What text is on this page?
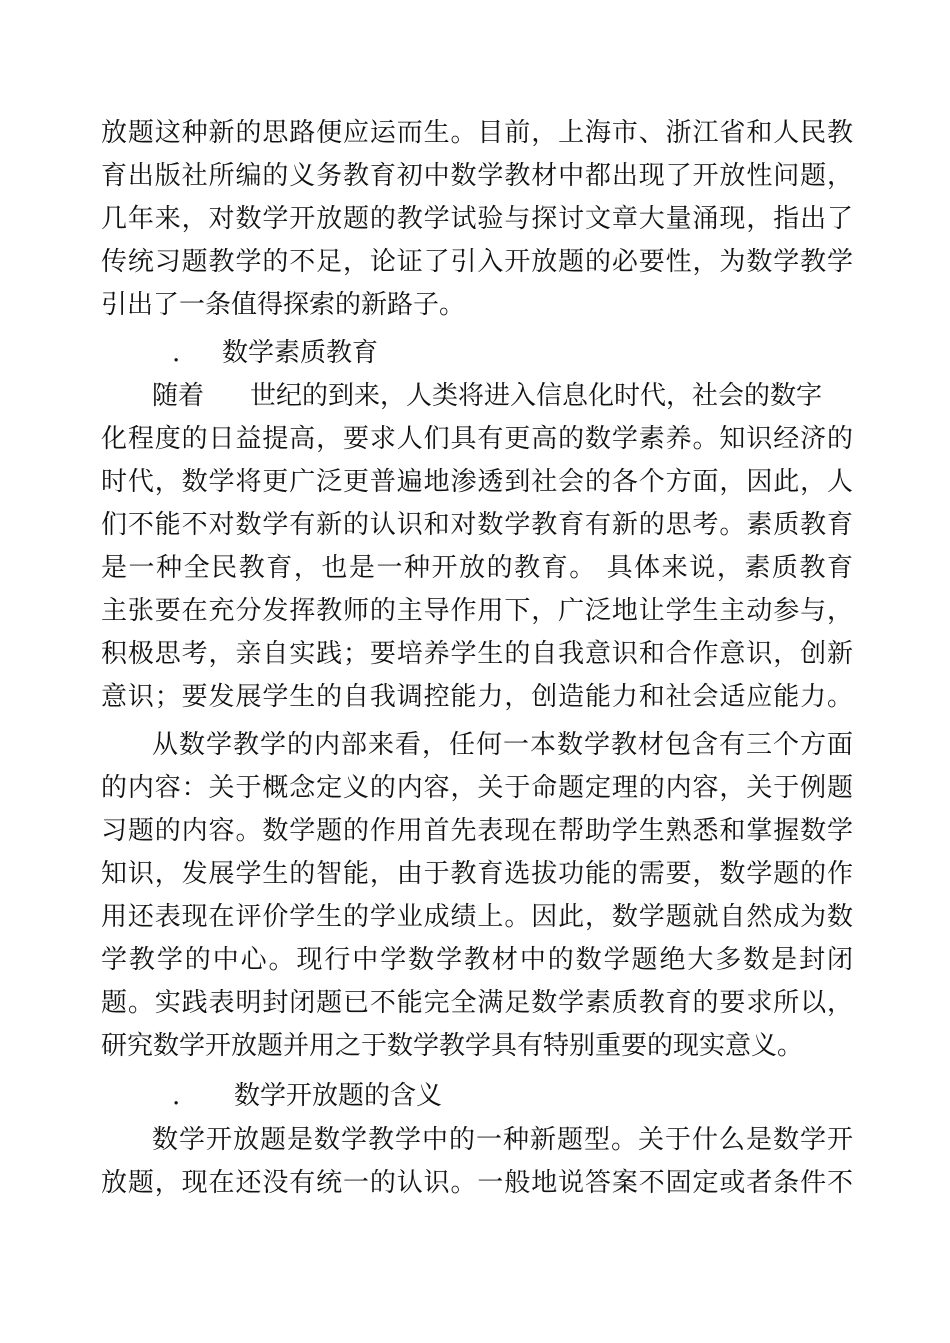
放题这种新的思路便应运而生。目前，上海市、浙江省和人民教
育出版社所编的义务教育初中数学教材中都出现了开放性问题，
几年来，对数学开放题的教学试验与探讨文章大量涌现，指出了
传统习题教学的不足，论证了引入开放题的必要性，为数学教学
引出了一条值得探索的新路子。
. 数学素质教育
随着 世纪的到来，人类将进入信息化时代，社会的数字
化程度的日益提高，要求人们具有更高的数学素养。知识经济的
时代，数学将更广泛更普遍地渗透到社会的各个方面，因此，人
们不能不对数学有新的认识和对数学教育有新的思考。素质教育
是一种全民教育，也是一种开放的教育。 具体来说，素质教育
主张要在充分发挥教师的主导作用下，广泛地让学生主动参与，
积极思考，亲自实践；要培养学生的自我意识和合作意识，创新
意识；要发展学生的自我调控能力，创造能力和社会适应能力。
从数学教学的内部来看，任何一本数学教材包含有三个方面
的内容：关于概念定义的内容，关于命题定理的内容，关于例题
习题的内容。数学题的作用首先表现在帮助学生熟悉和掌握数学
知识，发展学生的智能，由于教育选拔功能的需要，数学题的作
用还表现在评价学生的学业成绩上。因此，数学题就自然成为数
学教学的中心。现行中学数学教材中的数学题绝大多数是封闭
题。实践表明封闭题已不能完全满足数学素质教育的要求所以，
研究数学开放题并用之于数学教学具有特别重要的现实意义。
. 数学开放题的含义
数学开放题是数学教学中的一种新题型。关于什么是数学开
放题，现在还没有统一的认识。一般地说答案不固定或者条件不
